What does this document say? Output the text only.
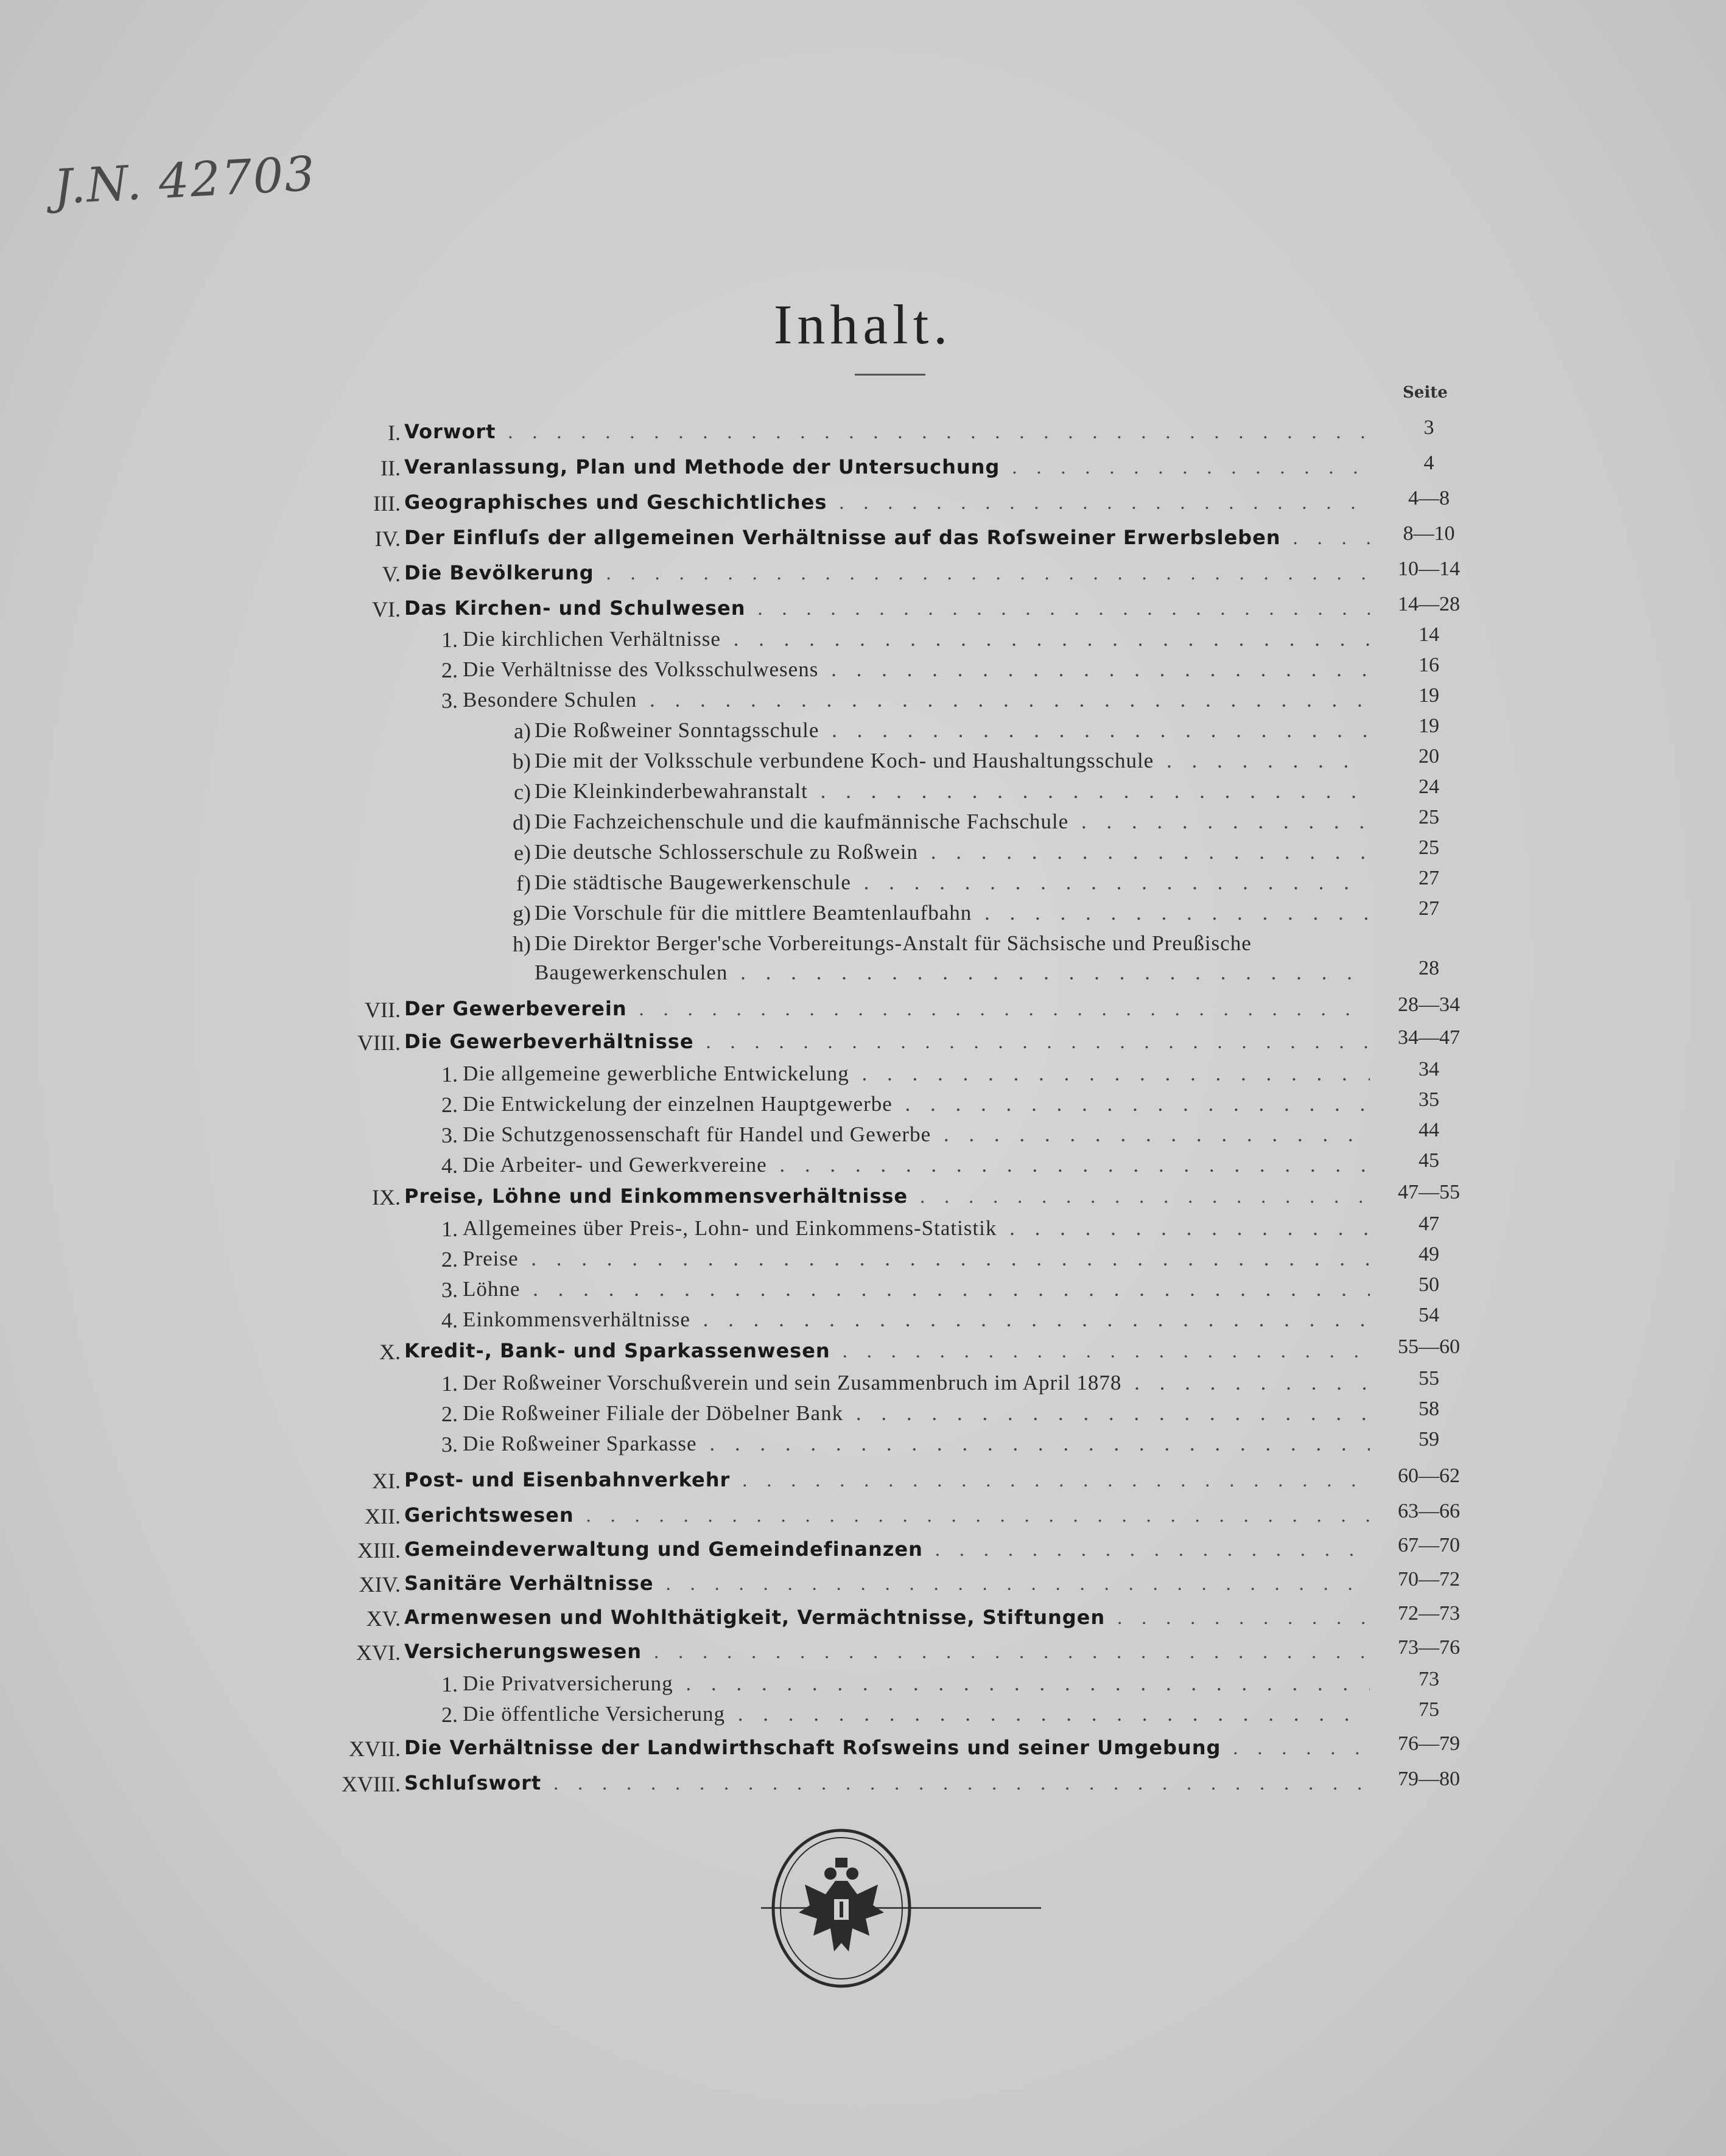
J.N. 42703
Inhalt.
Seite
I. Vorwort . . .	3
II. Veranlassung, Plan und Methode der Untersuchung . . .	4
III. Geographisches und Geschichtliches . . .	4—8
IV. Der Einfluſs der allgemeinen Verhältnisse auf das Roſsweiner Erwerbsleben . . .	8—10
V. Die Bevölkerung . . .	10—14
VI. Das Kirchen- und Schulwesen . . .	14—28
1. Die kirchlichen Verhältnisse . . .	14
2. Die Verhältnisse des Volksschulwesens . . .	16
3. Besondere Schulen . . .	19
a) Die Roßweiner Sonntagsschule . . .	19
b) Die mit der Volksschule verbundene Koch- und Haushaltungsschule . . .	20
c) Die Kleinkinderbewahranstalt . . .	24
d) Die Fachzeichenschule und die kaufmännische Fachschule . . .	25
e) Die deutsche Schlosserschule zu Roßwein . . .	25
f) Die städtische Baugewerkenschule . . .	27
g) Die Vorschule für die mittlere Beamtenlaufbahn . . .	27
h) Die Direktor Berger'sche Vorbereitungs-Anstalt für Sächsische und Preußische
Baugewerkenschulen . . .	28
VII. Der Gewerbeverein . . .	28—34
VIII. Die Gewerbeverhältnisse . . .	34—47
1. Die allgemeine gewerbliche Entwickelung . . .	34
2. Die Entwickelung der einzelnen Hauptgewerbe . . .	35
3. Die Schutzgenossenschaft für Handel und Gewerbe . . .	44
4. Die Arbeiter- und Gewerkvereine . . .	45
IX. Preise, Löhne und Einkommensverhältnisse . . .	47—55
1. Allgemeines über Preis-, Lohn- und Einkommens-Statistik . . .	47
2. Preise . . .	49
3. Löhne . . .	50
4. Einkommensverhältnisse . . .	54
X. Kredit-, Bank- und Sparkassenwesen . . .	55—60
1. Der Roßweiner Vorschußverein und sein Zusammenbruch im April 1878 . . .	55
2. Die Roßweiner Filiale der Döbelner Bank . . .	58
3. Die Roßweiner Sparkasse . . .	59
XI. Post- und Eisenbahnverkehr . . .	60—62
XII. Gerichtswesen . . .	63—66
XIII. Gemeindeverwaltung und Gemeindefinanzen . . .	67—70
XIV. Sanitäre Verhältnisse . . .	70—72
XV. Armenwesen und Wohlthätigkeit, Vermächtnisse, Stiftungen . . .	72—73
XVI. Versicherungswesen . . .	73—76
1. Die Privatversicherung . . .	73
2. Die öffentliche Versicherung . . .	75
XVII. Die Verhältnisse der Landwirthschaft Roſsweins und seiner Umgebung . . .	76—79
XVIII. Schluſswort . . .	79—80
